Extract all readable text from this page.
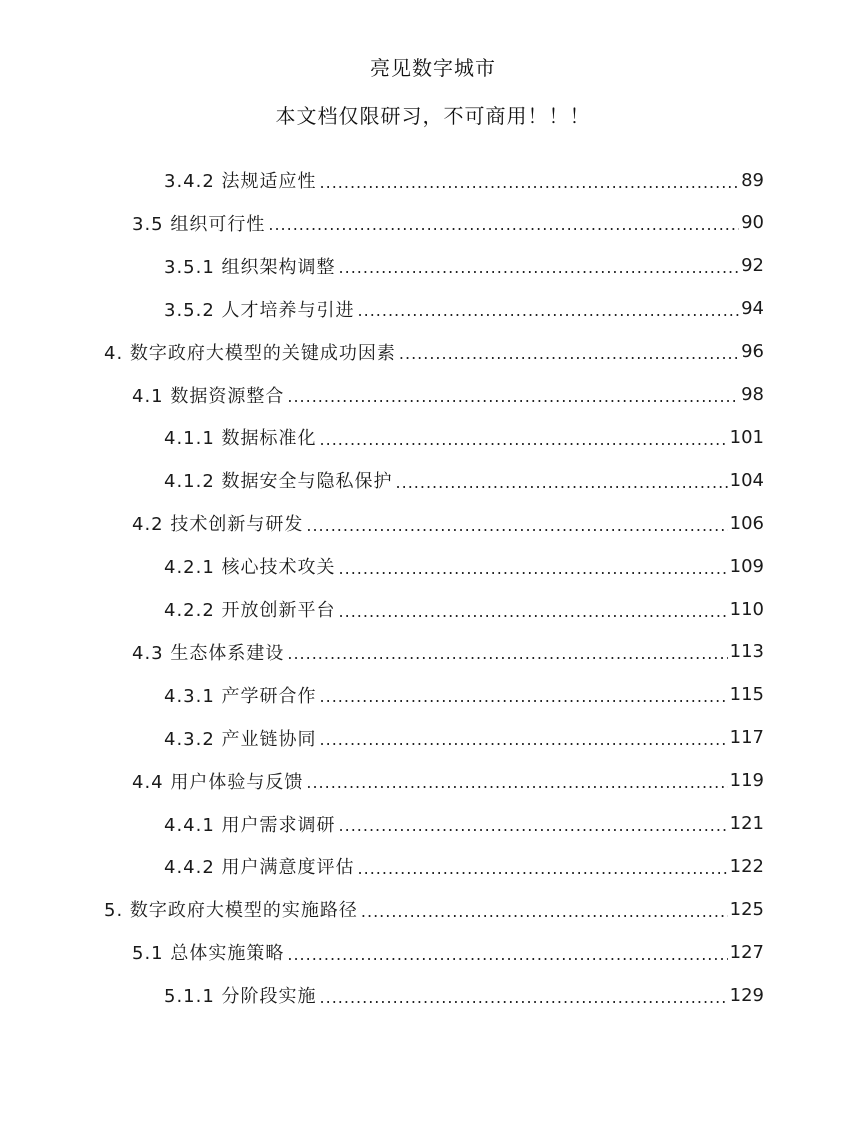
亮见数字城市
本文档仅限研习，不可商用！！！
3.4.2 法规适应性 .....	89
3.5 组织可行性 .....	90
3.5.1 组织架构调整 .....	92
3.5.2 人才培养与引进 .....	94
4. 数字政府大模型的关键成功因素 .....	96
4.1 数据资源整合 .....	98
4.1.1 数据标准化 .....	101
4.1.2 数据安全与隐私保护 .....	104
4.2 技术创新与研发 .....	106
4.2.1 核心技术攻关 .....	109
4.2.2 开放创新平台 .....	110
4.3 生态体系建设 .....	113
4.3.1 产学研合作 .....	115
4.3.2 产业链协同 .....	117
4.4 用户体验与反馈 .....	119
4.4.1 用户需求调研 .....	121
4.4.2 用户满意度评估 .....	122
5. 数字政府大模型的实施路径 .....	125
5.1 总体实施策略 .....	127
5.1.1 分阶段实施 .....	129
